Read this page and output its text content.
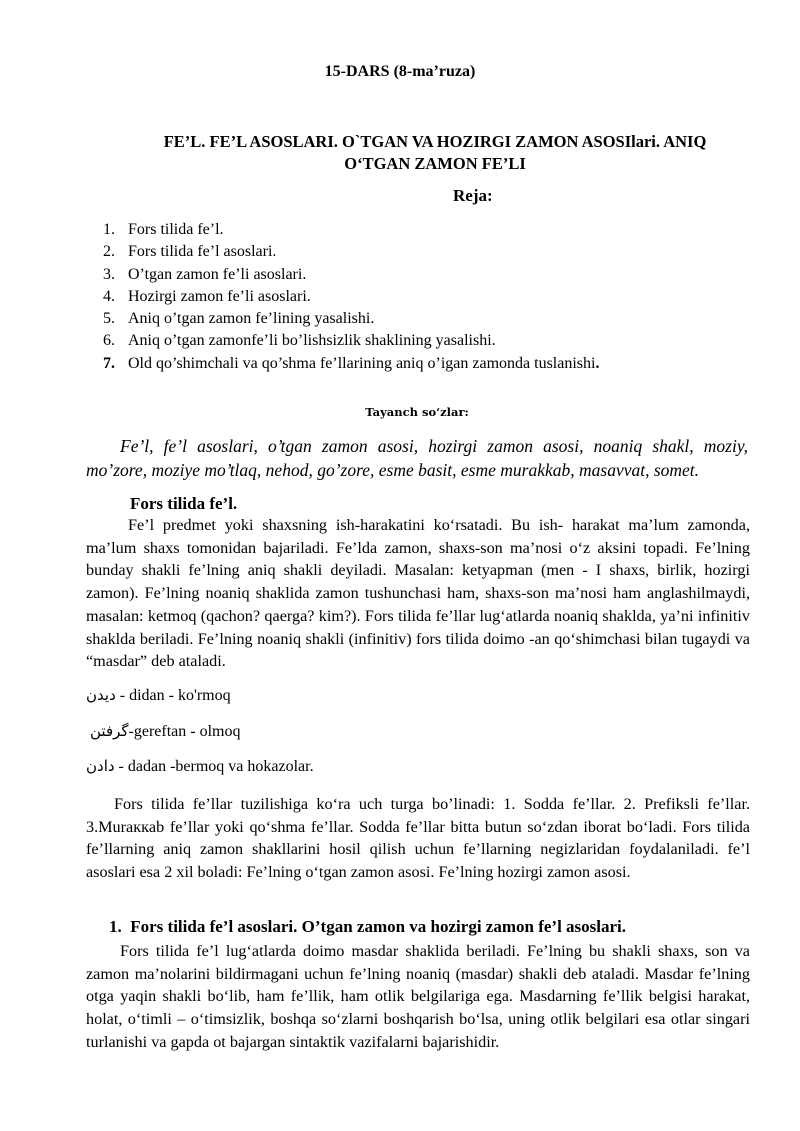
15-DARS (8-ma’ruza)
FE’L. FE’L ASOSLARI. O`TGAN VA HOZIRGI ZAMON ASOSIlari. ANIQ
O‘TGAN ZAMON FE’LI
Reja:
1. Fors tilida fe’l.
2. Fors tilida fe’l asoslari.
3. O’tgan zamon fe’li asoslari.
4. Hozirgi zamon fe’li asoslari.
5. Aniq o’tgan zamon fe’lining yasalishi.
6. Aniq o’tgan zamonfe’li bo’lishsizlik shaklining yasalishi.
7. Old qo’shimchali va qo’shma fe’llarining aniq o’igan zamonda tuslanishi.
Tayanch so‘zlar:

Fe’l, fe’l asoslari, o’tgan zamon asosi, hozirgi zamon asosi, noaniq shakl, moziy, mo’zore, moziye mo’tlaq, nehod, go’zore, esme basit, esme murakkab, masavvat, somet.

Fors tilida fe’l.

Fe’l predmet yoki shaxsning ish-harakatini ko‘rsatadi. Bu ish- harakat ma’lum zamonda, ma’lum shaxs tomonidan bajariladi. Fe’lda zamon, shaxs-son ma’nosi o‘z aksini topadi. Fe’lning bunday shakli fe’lning aniq shakli deyiladi. Masalan: ketyapman (men - I shaxs, birlik, hozirgi zamon). Fe’lning noaniq shaklida zamon tushunchasi ham, shaxs-son ma’nosi ham anglashilmaydi, masalan: ketmoq (qachon? qaerga? kim?). Fors tilida fe’llar lug‘atlarda noaniq shaklda, ya’ni infinitiv shaklda beriladi. Fe’lning noaniq shakli (infinitiv) fors tilida doimo -an qo‘shimchasi bilan tugaydi va “masdar” deb ataladi.

دیدن - didan - ko'rmoq
گرفتن-gereftan - olmoq
دادن - dadan -bermoq va hokazolar.

Fors tilida fe’llar tuzilishiga ko‘ra uch turga bo’linadi: 1. Sodda fe’llar. 2. Prefiksli fe’llar. 3.Muraккab fe’llar yoki qo‘shma fe’llar. Sodda fe’llar bitta butun so‘zdan iborat bo‘ladi. Fors tilida fe’llarning aniq zamon shakllarini hosil qilish uchun fe’llarning negizlaridan foydalaniladi. fe’l asoslari esa 2 xil boladi: Fe’lning o‘tgan zamon asosi. Fe’lning hozirgi zamon asosi.

1. Fors tilida fe’l asoslari. O’tgan zamon va hozirgi zamon fe’l asoslari.

Fors tilida fe’l lug‘atlarda doimo masdar shaklida beriladi. Fe’lning bu shakli shaxs, son va zamon ma’nolarini bildirmagani uchun fe’lning noaniq (masdar) shakli deb ataladi. Masdar fe’lning otga yaqin shakli bo‘lib, ham fe’llik, ham otlik belgilariga ega. Masdarning fe’llik belgisi harakat, holat, o‘timli – o‘timsizlik, boshqa so‘zlarni boshqarish bo‘lsa, uning otlik belgilari esa otlar singari turlanishi va gapda ot bajargan sintaktik vazifalarni bajarishidir.
